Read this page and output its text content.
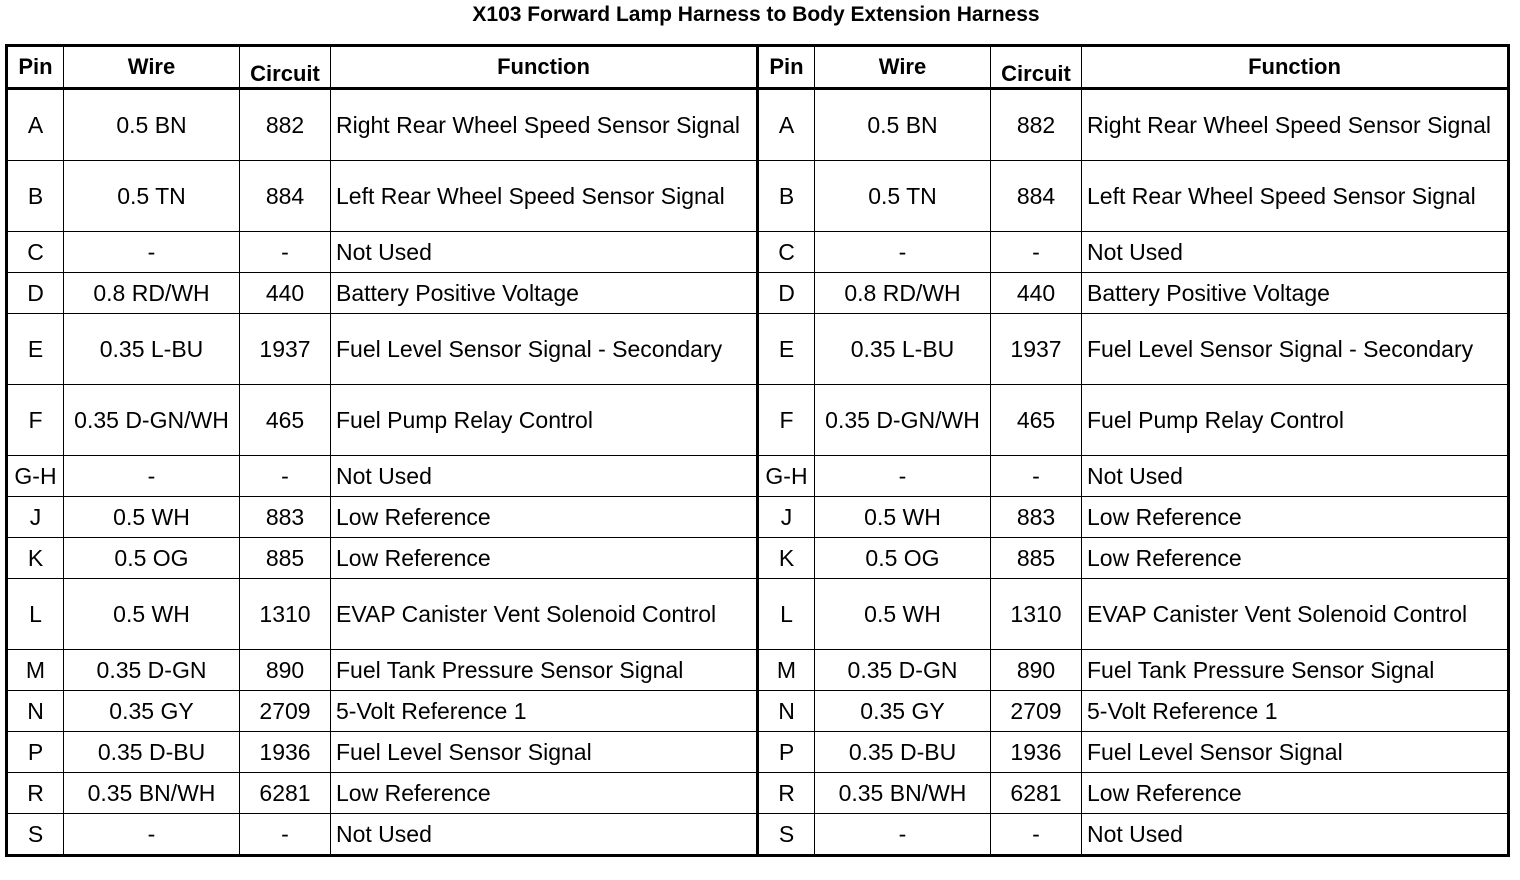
X103 Forward Lamp Harness to Body Extension Harness
Pin	Wire	Circuit	Function	Pin	Wire	Circuit	Function
A	0.5 BN	882	Right Rear Wheel Speed Sensor Signal	A	0.5 BN	882	Right Rear Wheel Speed Sensor Signal
B	0.5 TN	884	Left Rear Wheel Speed Sensor Signal	B	0.5 TN	884	Left Rear Wheel Speed Sensor Signal
C	-	-	Not Used	C	-	-	Not Used
D	0.8 RD/WH	440	Battery Positive Voltage	D	0.8 RD/WH	440	Battery Positive Voltage
E	0.35 L-BU	1937	Fuel Level Sensor Signal - Secondary	E	0.35 L-BU	1937	Fuel Level Sensor Signal - Secondary
F	0.35 D-GN/WH	465	Fuel Pump Relay Control	F	0.35 D-GN/WH	465	Fuel Pump Relay Control
G-H	-	-	Not Used	G-H	-	-	Not Used
J	0.5 WH	883	Low Reference	J	0.5 WH	883	Low Reference
K	0.5 OG	885	Low Reference	K	0.5 OG	885	Low Reference
L	0.5 WH	1310	EVAP Canister Vent Solenoid Control	L	0.5 WH	1310	EVAP Canister Vent Solenoid Control
M	0.35 D-GN	890	Fuel Tank Pressure Sensor Signal	M	0.35 D-GN	890	Fuel Tank Pressure Sensor Signal
N	0.35 GY	2709	5-Volt Reference 1	N	0.35 GY	2709	5-Volt Reference 1
P	0.35 D-BU	1936	Fuel Level Sensor Signal	P	0.35 D-BU	1936	Fuel Level Sensor Signal
R	0.35 BN/WH	6281	Low Reference	R	0.35 BN/WH	6281	Low Reference
S	-	-	Not Used	S	-	-	Not Used
